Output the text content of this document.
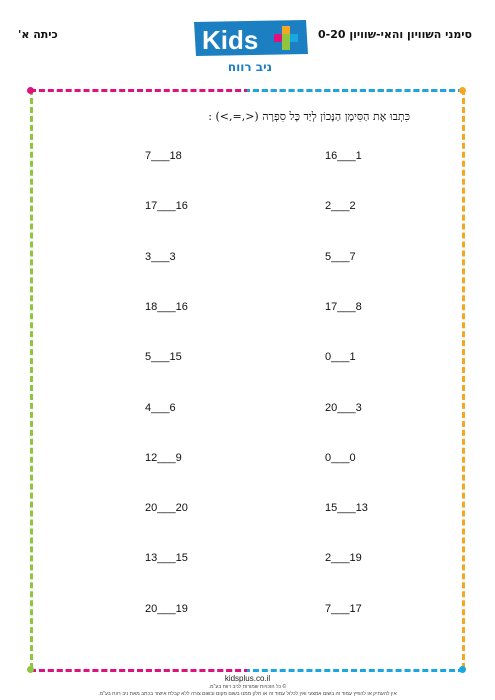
כיתה א'	Kids
ניב רווח
סימני השוויון והאי-שוויון 0-20
כִּתְבוּ אֶת הַסִּימָן הַנָּכוֹן לְיַד כָּל סִפְרָה (<,=,>) :
7___18
17___16
3___3
18___16
5___15
4___6
12___9
20___20
13___15
20___19
16___1
2___2
5___7
17___8
0___1
20___3
0___0
15___13
2___19
7___17
kidsplus.co.il
© כל הזכויות שמורות לניב רווח בע"מ.
אין להעתיק או להפיץ עמוד זה בשום אמצעי ואין לכלול עמוד זה או חלק ממנו בשום מקום ובשום צורה ללא קבלת אישור בכתב מאת ניב רווח בע"מ.
